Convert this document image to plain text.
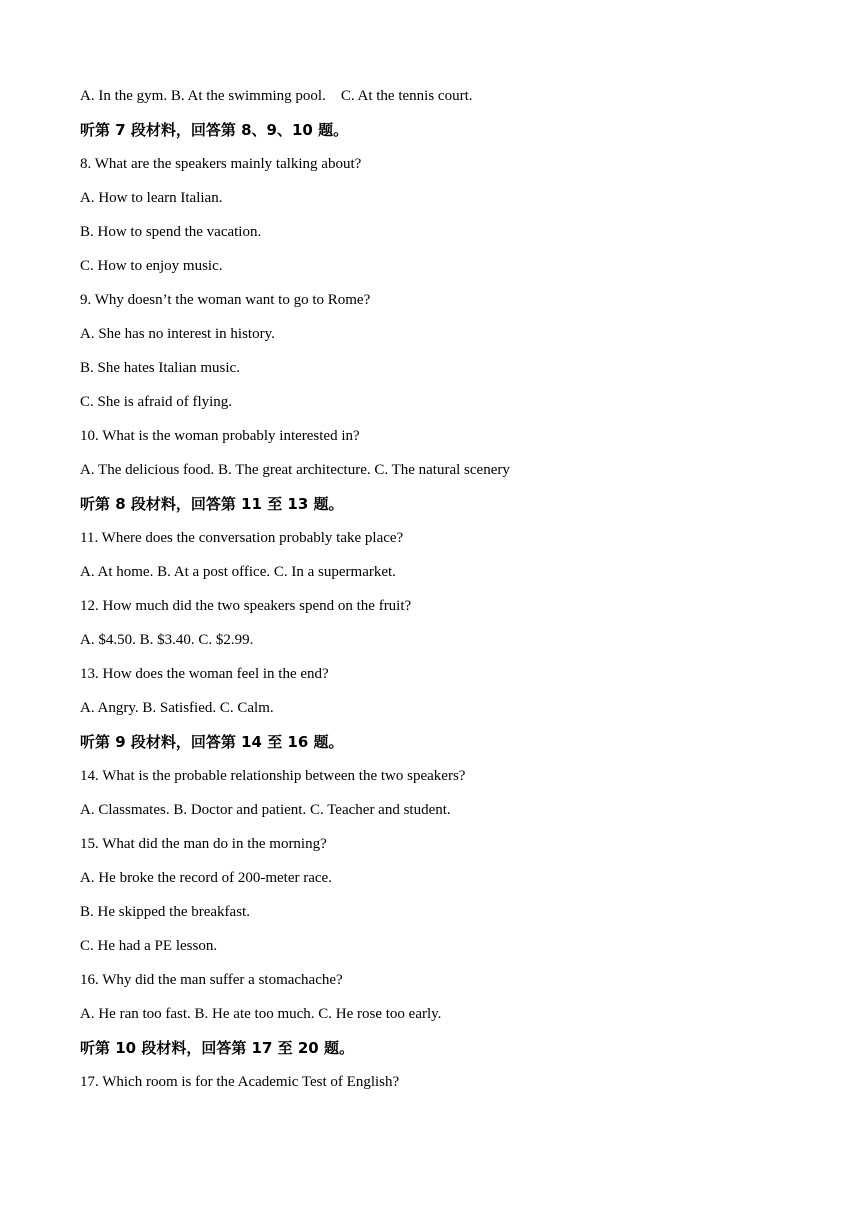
A. In the gym. B. At the swimming pool.    C. At the tennis court.
听第 7 段材料，回答第 8、9、10 题。
8. What are the speakers mainly talking about?
A. How to learn Italian.
B. How to spend the vacation.
C. How to enjoy music.
9. Why doesn’t the woman want to go to Rome?
A. She has no interest in history.
B. She hates Italian music.
C. She is afraid of flying.
10. What is the woman probably interested in?
A. The delicious food. B. The great architecture. C. The natural scenery
听第 8 段材料，回答第 11 至 13 题。
11. Where does the conversation probably take place?
A. At home. B. At a post office. C. In a supermarket.
12. How much did the two speakers spend on the fruit?
A. $4.50. B. $3.40. C. $2.99.
13. How does the woman feel in the end?
A. Angry. B. Satisfied. C. Calm.
听第 9 段材料，回答第 14 至 16 题。
14. What is the probable relationship between the two speakers?
A. Classmates. B. Doctor and patient. C. Teacher and student.
15. What did the man do in the morning?
A. He broke the record of 200-meter race.
B. He skipped the breakfast.
C. He had a PE lesson.
16. Why did the man suffer a stomachache?
A. He ran too fast. B. He ate too much. C. He rose too early.
听第 10 段材料，回答第 17 至 20 题。
17. Which room is for the Academic Test of English?
